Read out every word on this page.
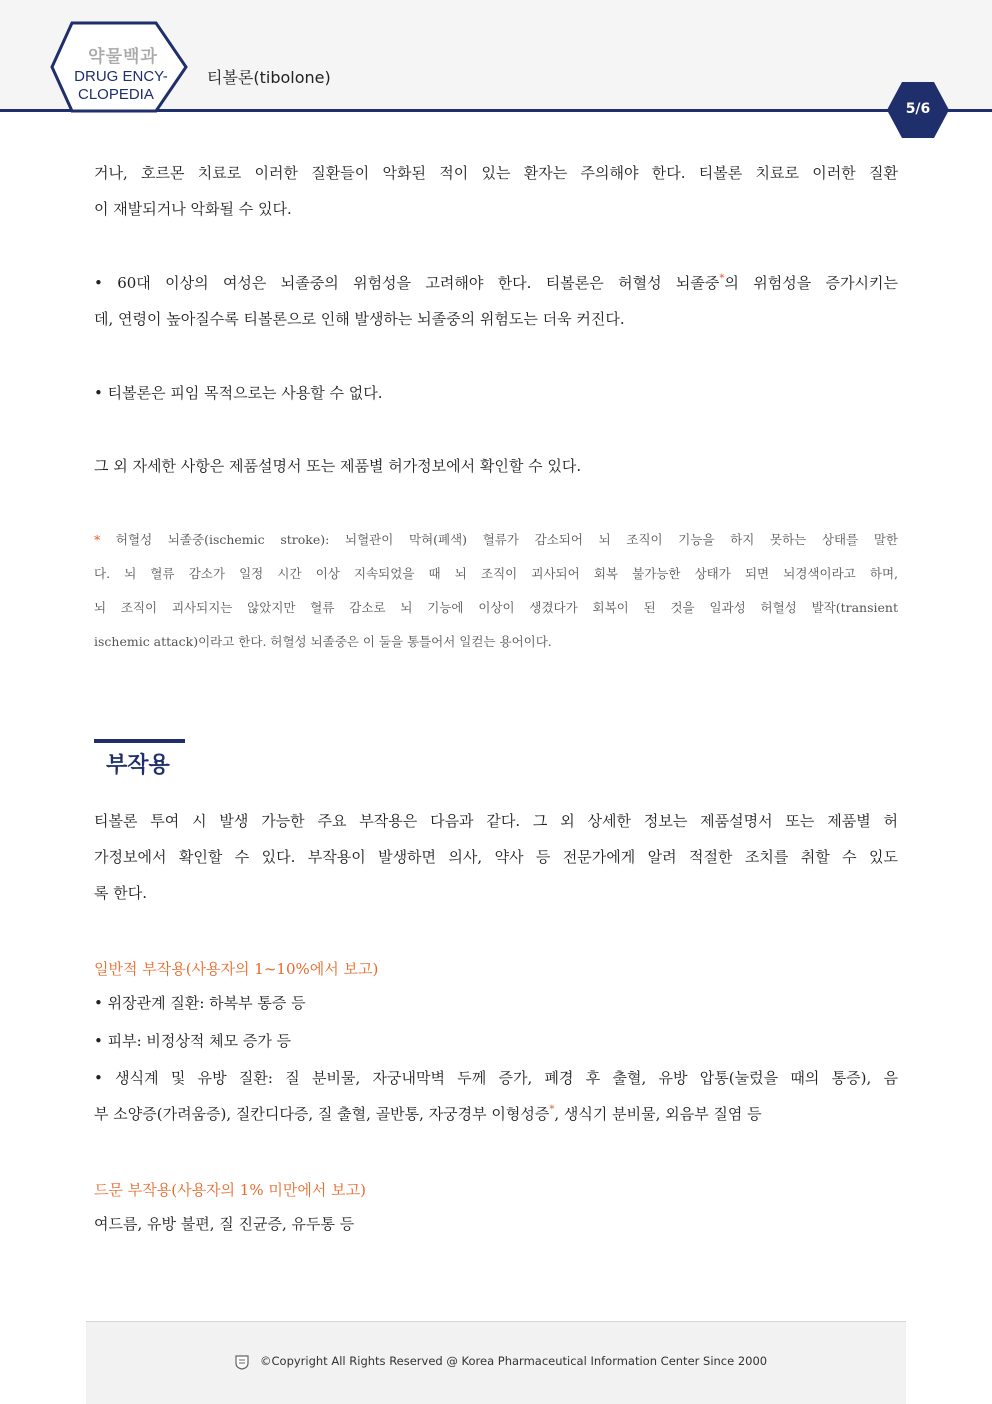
약물백과
DRUG ENCY-
CLOPEDIA
티볼론(tibolone)
5/6
거나, 호르몬 치료로 이러한 질환들이 악화된 적이 있는 환자는 주의해야 한다. 티볼론 치료로 이러한 질환
이 재발되거나 악화될 수 있다.
• 60대 이상의 여성은 뇌졸중의 위험성을 고려해야 한다. 티볼론은 허혈성 뇌졸중*의 위험성을 증가시키는
데, 연령이 높아질수록 티볼론으로 인해 발생하는 뇌졸중의 위험도는 더욱 커진다.
• 티볼론은 피임 목적으로는 사용할 수 없다.
그 외 자세한 사항은 제품설명서 또는 제품별 허가정보에서 확인할 수 있다.
* 허혈성 뇌졸중(ischemic stroke): 뇌혈관이 막혀(폐색) 혈류가 감소되어 뇌 조직이 기능을 하지 못하는 상태를 말한
다. 뇌 혈류 감소가 일정 시간 이상 지속되었을 때 뇌 조직이 괴사되어 회복 불가능한 상태가 되면 뇌경색이라고 하며,
뇌 조직이 괴사되지는 않았지만 혈류 감소로 뇌 기능에 이상이 생겼다가 회복이 된 것을 일과성 허혈성 발작(transient
ischemic attack)이라고 한다. 허혈성 뇌졸중은 이 둘을 통틀어서 일컫는 용어이다.
부작용
티볼론 투여 시 발생 가능한 주요 부작용은 다음과 같다. 그 외 상세한 정보는 제품설명서 또는 제품별 허
가정보에서 확인할 수 있다. 부작용이 발생하면 의사, 약사 등 전문가에게 알려 적절한 조치를 취할 수 있도
록 한다.
일반적 부작용(사용자의 1~10%에서 보고)
• 위장관계 질환: 하복부 통증 등
• 피부: 비정상적 체모 증가 등
• 생식계 및 유방 질환: 질 분비물, 자궁내막벽 두께 증가, 폐경 후 출혈, 유방 압통(눌렀을 때의 통증), 음
부 소양증(가려움증), 질칸디다증, 질 출혈, 골반통, 자궁경부 이형성증*, 생식기 분비물, 외음부 질염 등
드문 부작용(사용자의 1% 미만에서 보고)
여드름, 유방 불편, 질 진균증, 유두통 등
©Copyright All Rights Reserved @ Korea Pharmaceutical Information Center Since 2000
